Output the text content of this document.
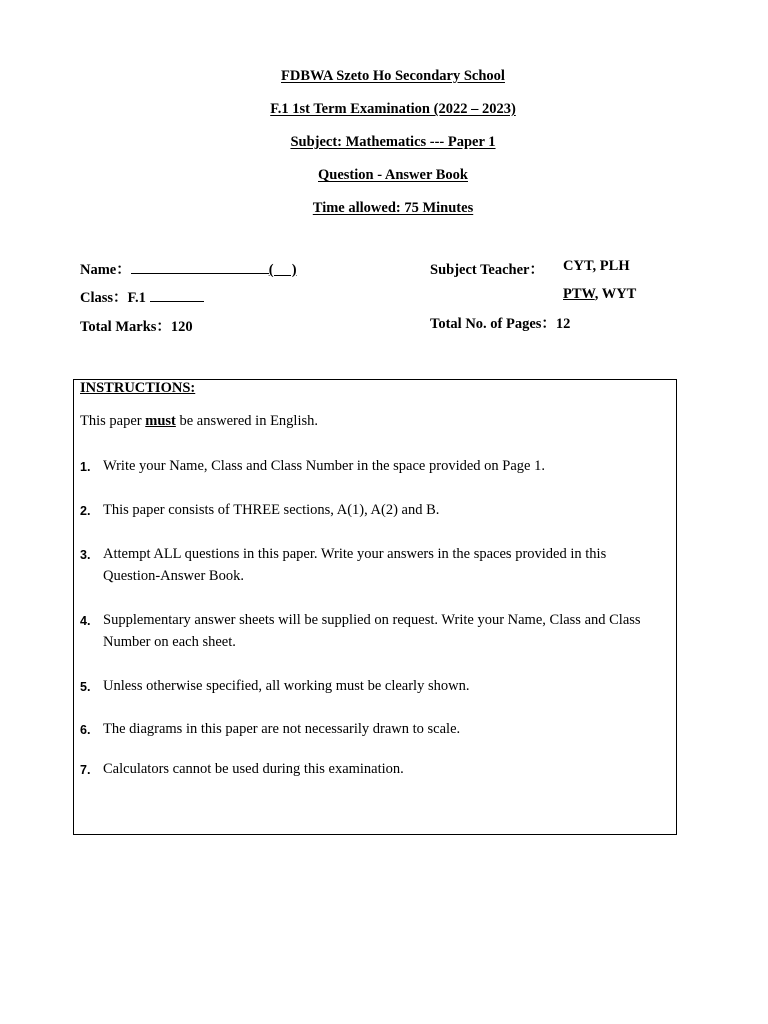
FDBWA Szeto Ho Secondary School
F.1 1st Term Examination (2022 – 2023)
Subject: Mathematics --- Paper 1
Question - Answer Book
Time allowed: 75 Minutes
Name：	(     )
Class：F.1
Total Marks：120
Subject Teacher： CYT, PLH
PTW, WYT
Total No. of Pages：12
INSTRUCTIONS:
This paper must be answered in English.
1. Write your Name, Class and Class Number in the space provided on Page 1.
2. This paper consists of THREE sections, A(1), A(2) and B.
3. Attempt ALL questions in this paper. Write your answers in the spaces provided in this Question-Answer Book.
4. Supplementary answer sheets will be supplied on request. Write your Name, Class and Class Number on each sheet.
5. Unless otherwise specified, all working must be clearly shown.
6. The diagrams in this paper are not necessarily drawn to scale.
7. Calculators cannot be used during this examination.
